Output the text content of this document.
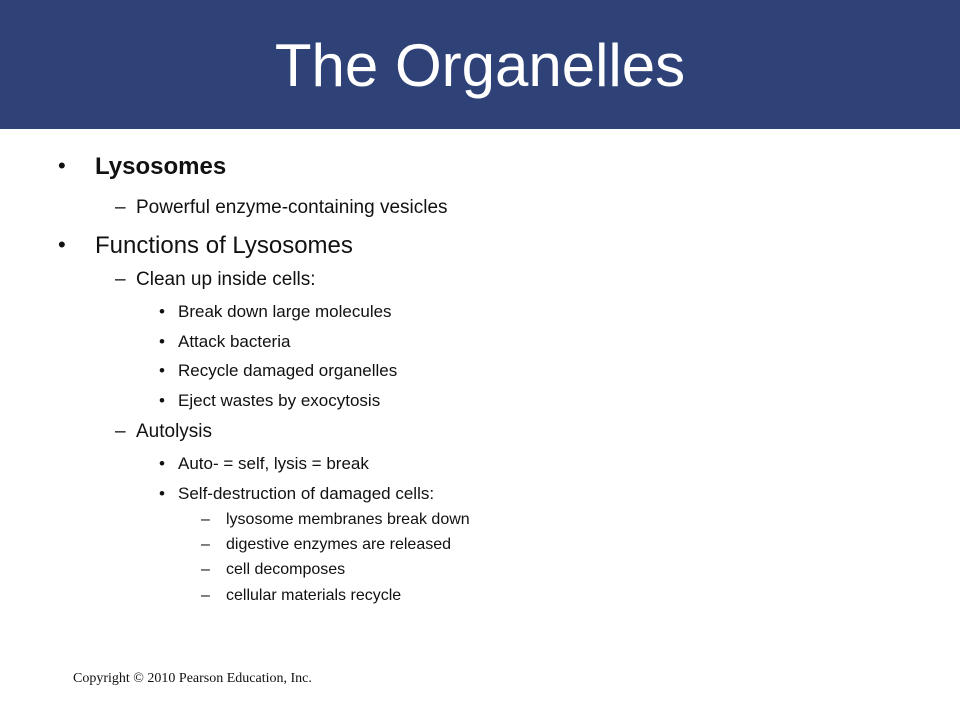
The Organelles
• Lysosomes
– Powerful enzyme-containing vesicles
• Functions of Lysosomes
– Clean up inside cells:
• Break down large molecules
• Attack bacteria
• Recycle damaged organelles
• Eject wastes by exocytosis
– Autolysis
• Auto- = self, lysis = break
• Self-destruction of damaged cells:
– lysosome membranes break down
– digestive enzymes are released
– cell decomposes
– cellular materials recycle
Copyright © 2010 Pearson Education, Inc.
